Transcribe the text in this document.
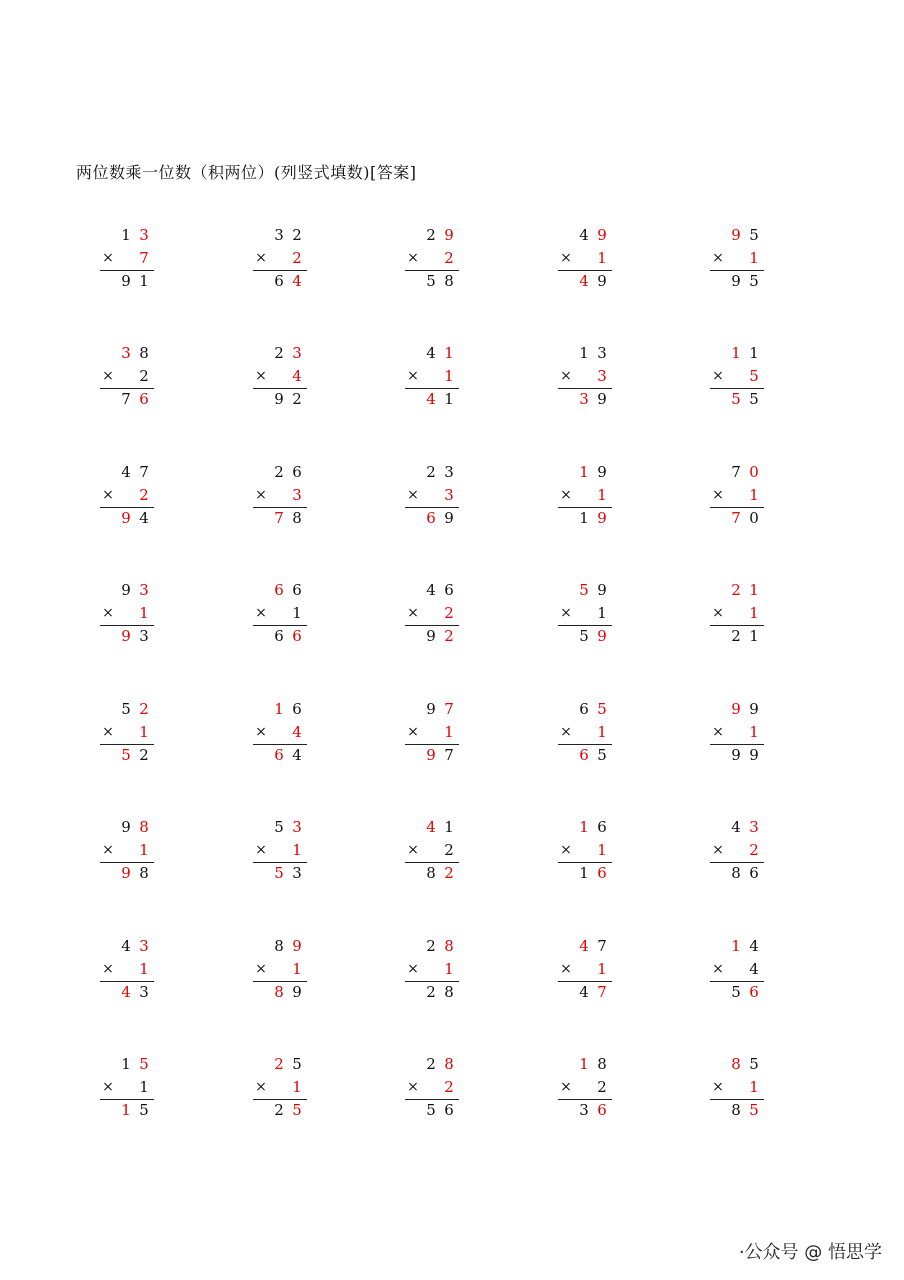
两位数乘一位数（积两位）(列竖式填数)[答案]
1 3
× 7
9 1
3 2
× 2
6 4
2 9
× 2
5 8
4 9
× 1
4 9
9 5
× 1
9 5
3 8
× 2
7 6
2 3
× 4
9 2
4 1
× 1
4 1
1 3
× 3
3 9
1 1
× 5
5 5
4 7
× 2
9 4
2 6
× 3
7 8
2 3
× 3
6 9
1 9
× 1
1 9
7 0
× 1
7 0
9 3
× 1
9 3
6 6
× 1
6 6
4 6
× 2
9 2
5 9
× 1
5 9
2 1
× 1
2 1
5 2
× 1
5 2
1 6
× 4
6 4
9 7
× 1
9 7
6 5
× 1
6 5
9 9
× 1
9 9
9 8
× 1
9 8
5 3
× 1
5 3
4 1
× 2
8 2
1 6
× 1
1 6
4 3
× 2
8 6
4 3
× 1
4 3
8 9
× 1
8 9
2 8
× 1
2 8
4 7
× 1
4 7
1 4
× 4
5 6
1 5
× 1
1 5
2 5
× 1
2 5
2 8
× 2
5 6
1 8
× 2
3 6
8 5
× 1
8 5
·公众号 @ 悟思学
